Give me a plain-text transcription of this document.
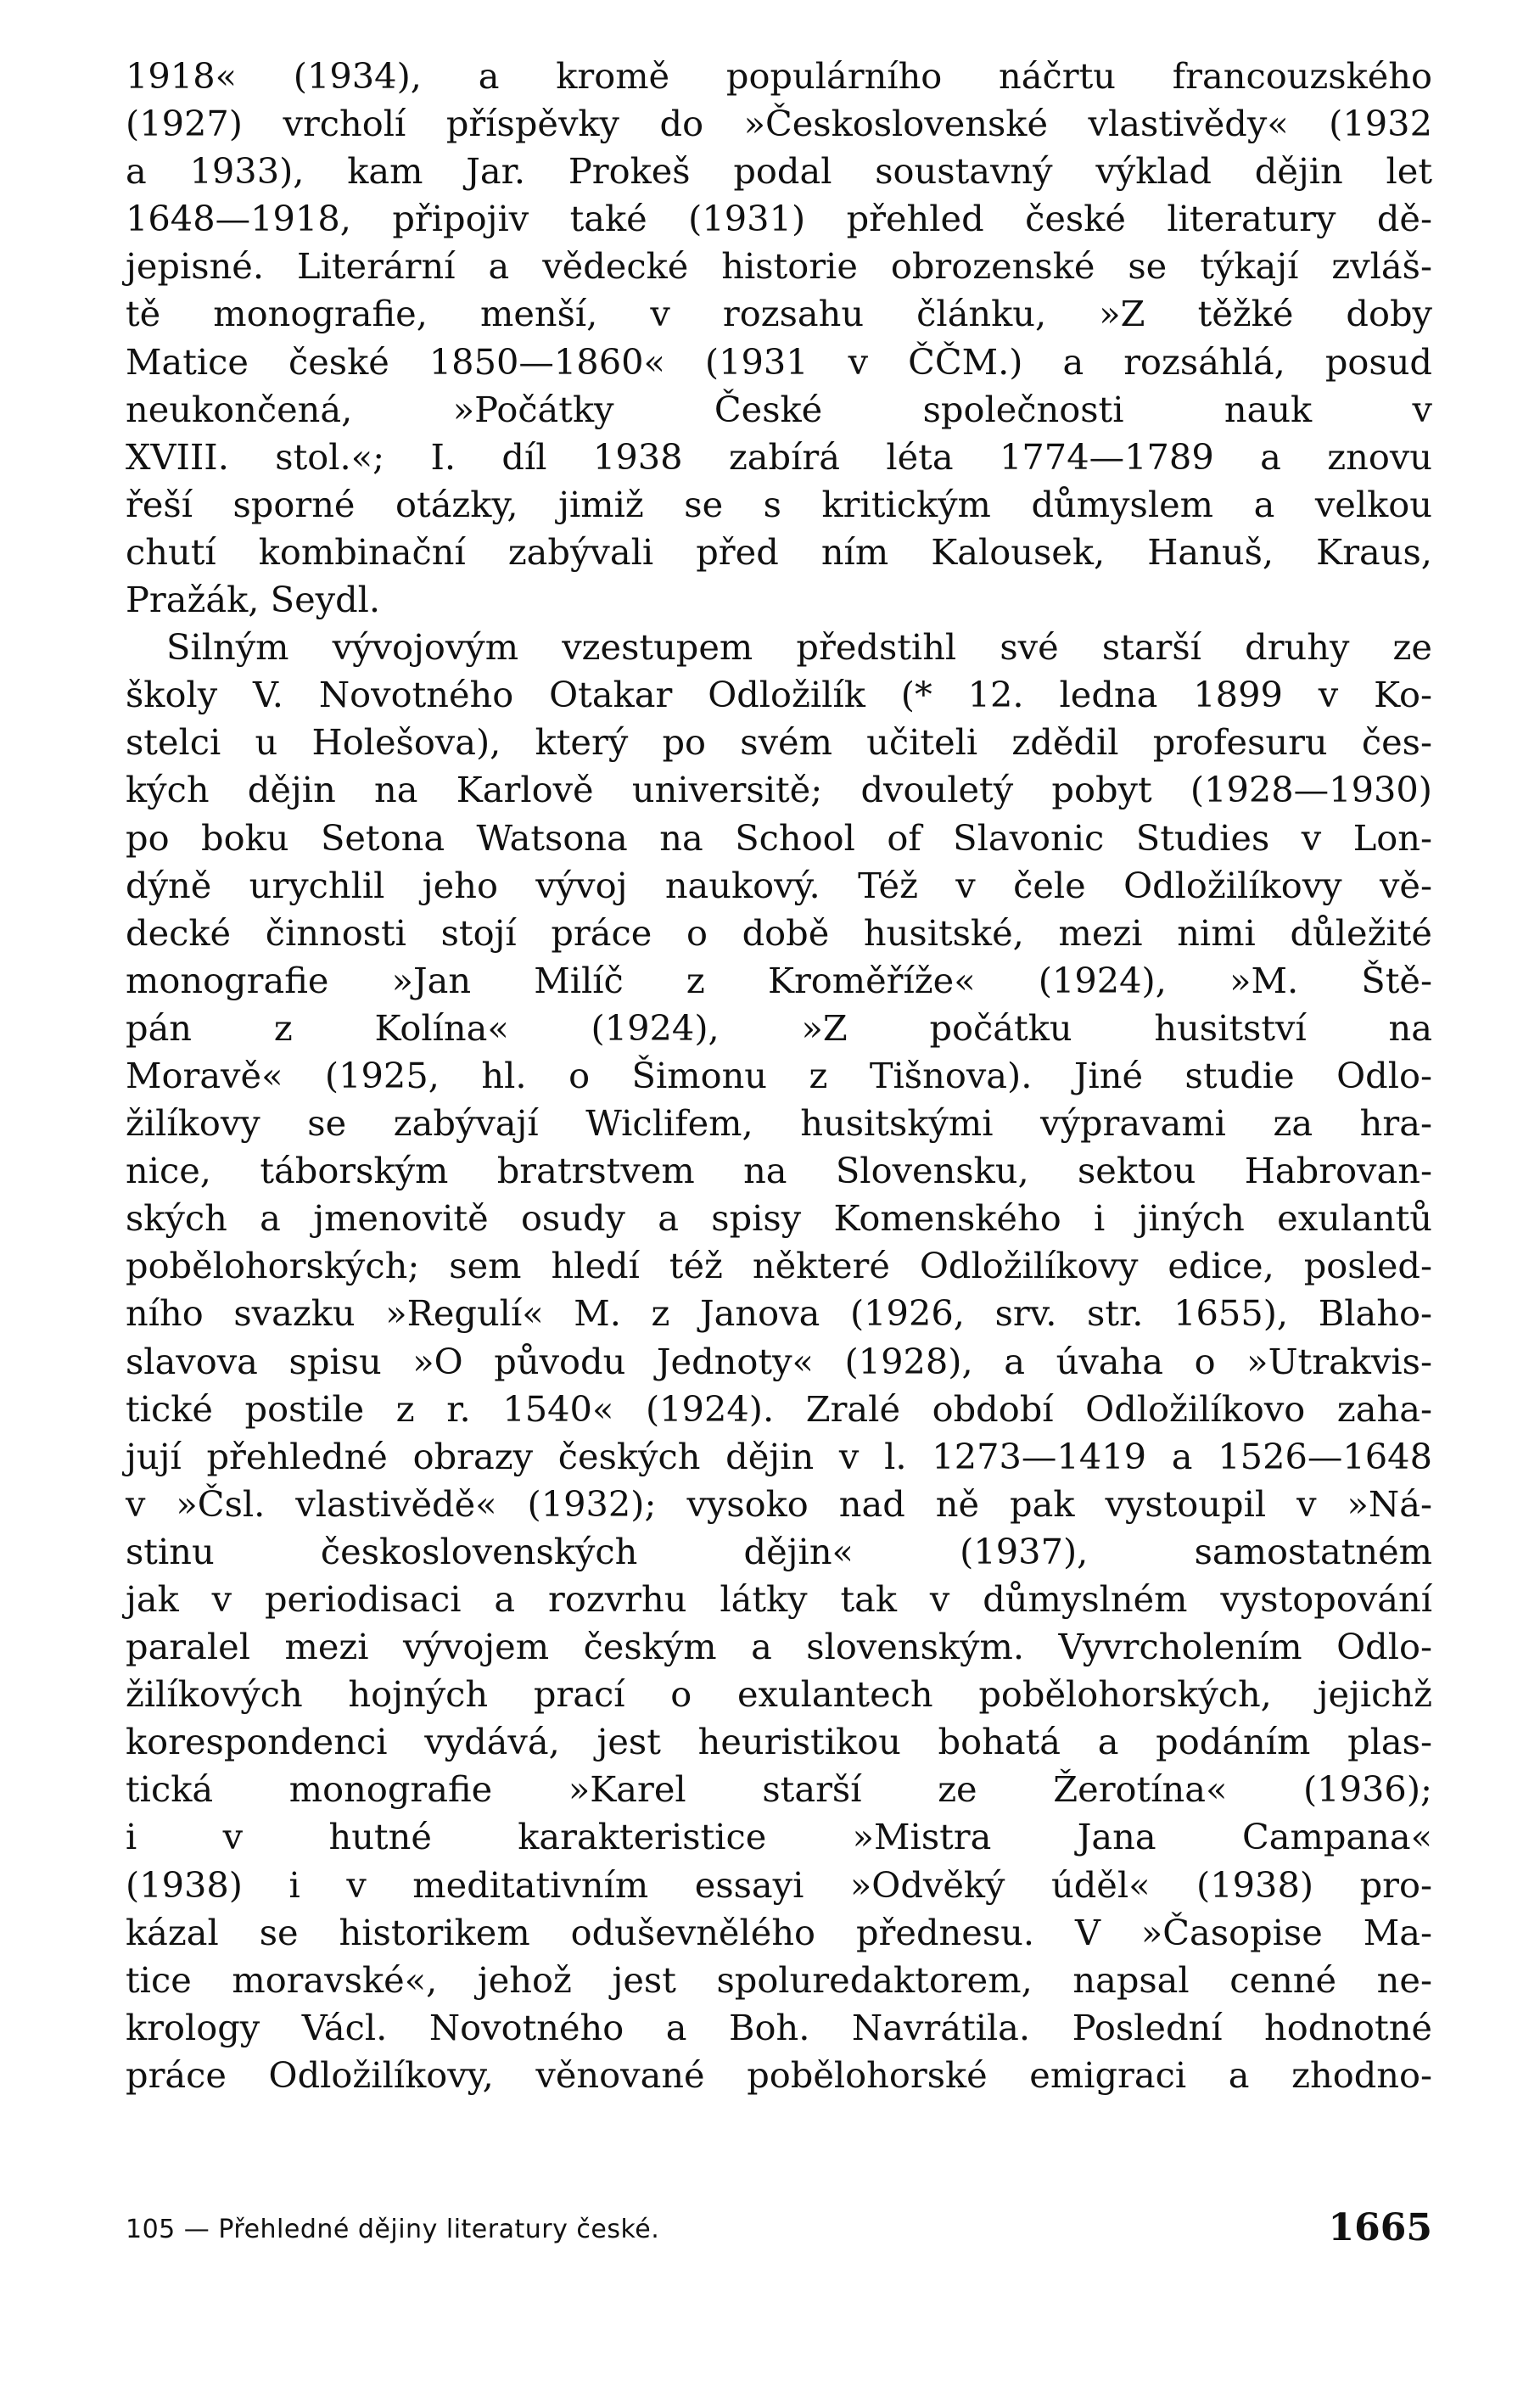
1918« (1934), a kromě populárního náčrtu francouzského
(1927) vrcholí příspěvky do »Československé vlastivědy« (1932
a 1933), kam Jar. Prokeš podal soustavný výklad dějin let
1648—1918, připojiv také (1931) přehled české literatury dě-
jepisné. Literární a vědecké historie obrozenské se týkají zvláš-
tě monografie, menší, v rozsahu článku, »Z těžké doby
Matice české 1850—1860« (1931 v ČČM.) a rozsáhlá, posud
neukončená, »Počátky České společnosti nauk v
XVIII. stol.«; I. díl 1938 zabírá léta 1774—1789 a znovu
řeší sporné otázky, jimiž se s kritickým důmyslem a velkou
chutí kombinační zabývali před ním Kalousek, Hanuš, Kraus,
Pražák, Seydl.
Silným vývojovým vzestupem předstihl své starší druhy ze
školy V. Novotného Otakar Odložilík (* 12. ledna 1899 v Ko-
stelci u Holešova), který po svém učiteli zdědil profesuru čes-
kých dějin na Karlově universitě; dvouletý pobyt (1928—1930)
po boku Setona Watsona na School of Slavonic Studies v Lon-
dýně urychlil jeho vývoj naukový. Též v čele Odložilíkovy vě-
decké činnosti stojí práce o době husitské, mezi nimi důležité
monografie »Jan Milíč z Kroměříže« (1924), »M. Ště-
pán z Kolína« (1924), »Z počátku husitství na
Moravě« (1925, hl. o Šimonu z Tišnova). Jiné studie Odlo-
žilíkovy se zabývají Wiclifem, husitskými výpravami za hra-
nice, táborským bratrstvem na Slovensku, sektou Habrovan-
ských a jmenovitě osudy a spisy Komenského i jiných exulantů
pobělohorských; sem hledí též některé Odložilíkovy edice, posled-
ního svazku »Regulí« M. z Janova (1926, srv. str. 1655), Blaho-
slavova spisu »O původu Jednoty« (1928), a úvaha o »Utrakvis-
tické postile z r. 1540« (1924). Zralé období Odložilíkovo zaha-
jují přehledné obrazy českých dějin v l. 1273—1419 a 1526—1648
v »Čsl. vlastivědě« (1932); vysoko nad ně pak vystoupil v »Ná-
stinu československých dějin« (1937), samostatném
jak v periodisaci a rozvrhu látky tak v důmyslném vystopování
paralel mezi vývojem českým a slovenským. Vyvrcholením Odlo-
žilíkových hojných prací o exulantech pobělohorských, jejichž
korespondenci vydává, jest heuristikou bohatá a podáním plas-
tická monografie »Karel starší ze Žerotína« (1936);
i v hutné karakteristice »Mistra Jana Campana«
(1938) i v meditativním essayi »Odvěký úděl« (1938) pro-
kázal se historikem oduševnělého přednesu. V »Časopise Ma-
tice moravské«, jehož jest spoluredaktorem, napsal cenné ne-
krology Václ. Novotného a Boh. Navrátila. Poslední hodnotné
práce Odložilíkovy, věnované pobělohorské emigraci a zhodno-
105 — Přehledné dějiny literatury české.	1665
